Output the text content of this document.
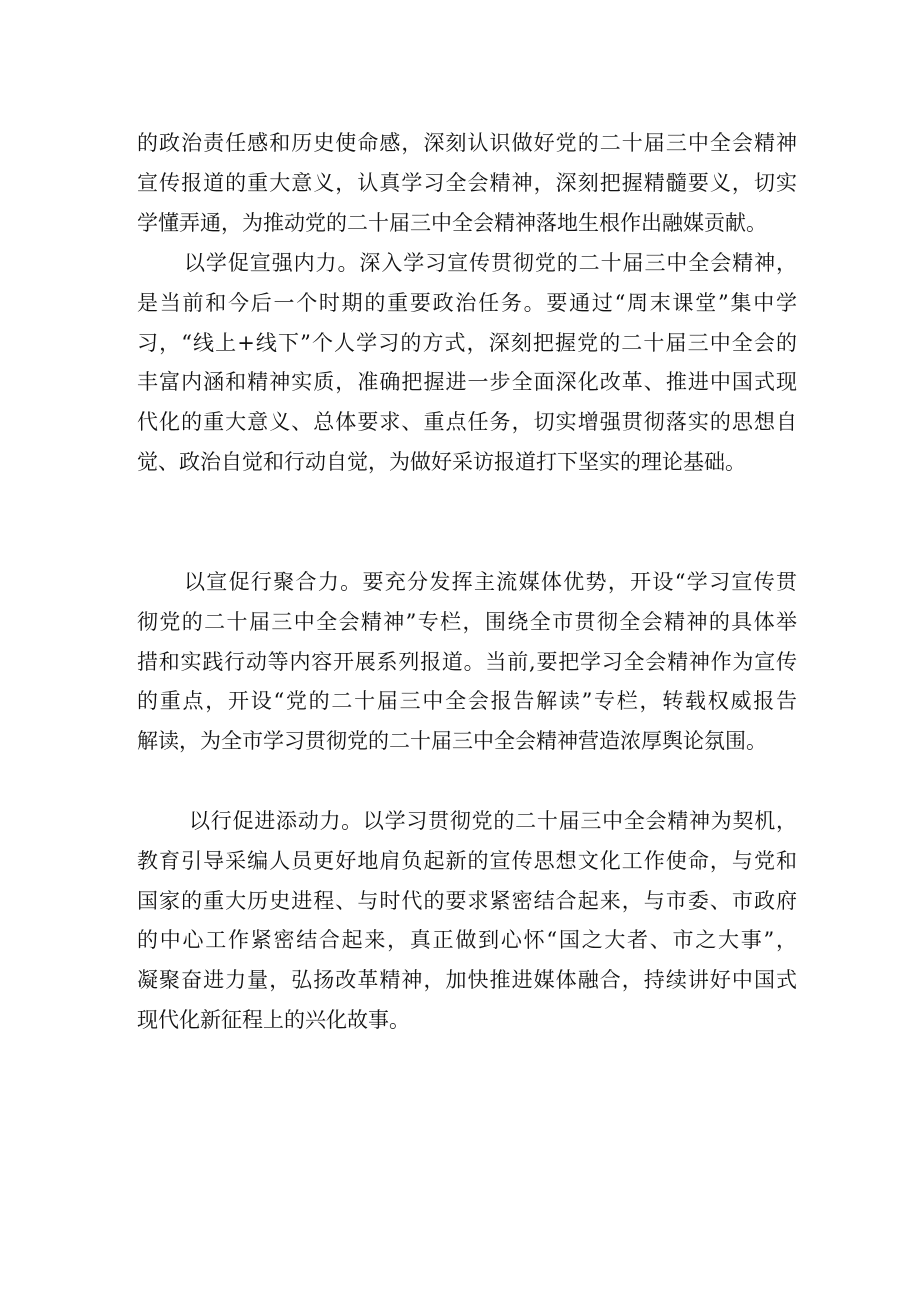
的政治责任感和历史使命感，深刻认识做好党的二十届三中全会精神
宣传报道的重大意义，认真学习全会精神，深刻把握精髓要义，切实
学懂弄通，为推动党的二十届三中全会精神落地生根作出融媒贡献。
以学促宣强内力。深入学习宣传贯彻党的二十届三中全会精神，
是当前和今后一个时期的重要政治任务。要通过“周末课堂”集中学
习，“线上+线下”个人学习的方式，深刻把握党的二十届三中全会的
丰富内涵和精神实质，准确把握进一步全面深化改革、推进中国式现
代化的重大意义、总体要求、重点任务，切实增强贯彻落实的思想自
觉、政治自觉和行动自觉，为做好采访报道打下坚实的理论基础。
以宣促行聚合力。要充分发挥主流媒体优势，开设“学习宣传贯
彻党的二十届三中全会精神”专栏，围绕全市贯彻全会精神的具体举
措和实践行动等内容开展系列报道。当前,要把学习全会精神作为宣传
的重点，开设“党的二十届三中全会报告解读”专栏，转载权威报告
解读，为全市学习贯彻党的二十届三中全会精神营造浓厚舆论氛围。
以行促进添动力。以学习贯彻党的二十届三中全会精神为契机，
教育引导采编人员更好地肩负起新的宣传思想文化工作使命，与党和
国家的重大历史进程、与时代的要求紧密结合起来，与市委、市政府
的中心工作紧密结合起来，真正做到心怀“国之大者、市之大事”，
凝聚奋进力量，弘扬改革精神，加快推进媒体融合，持续讲好中国式
现代化新征程上的兴化故事。
